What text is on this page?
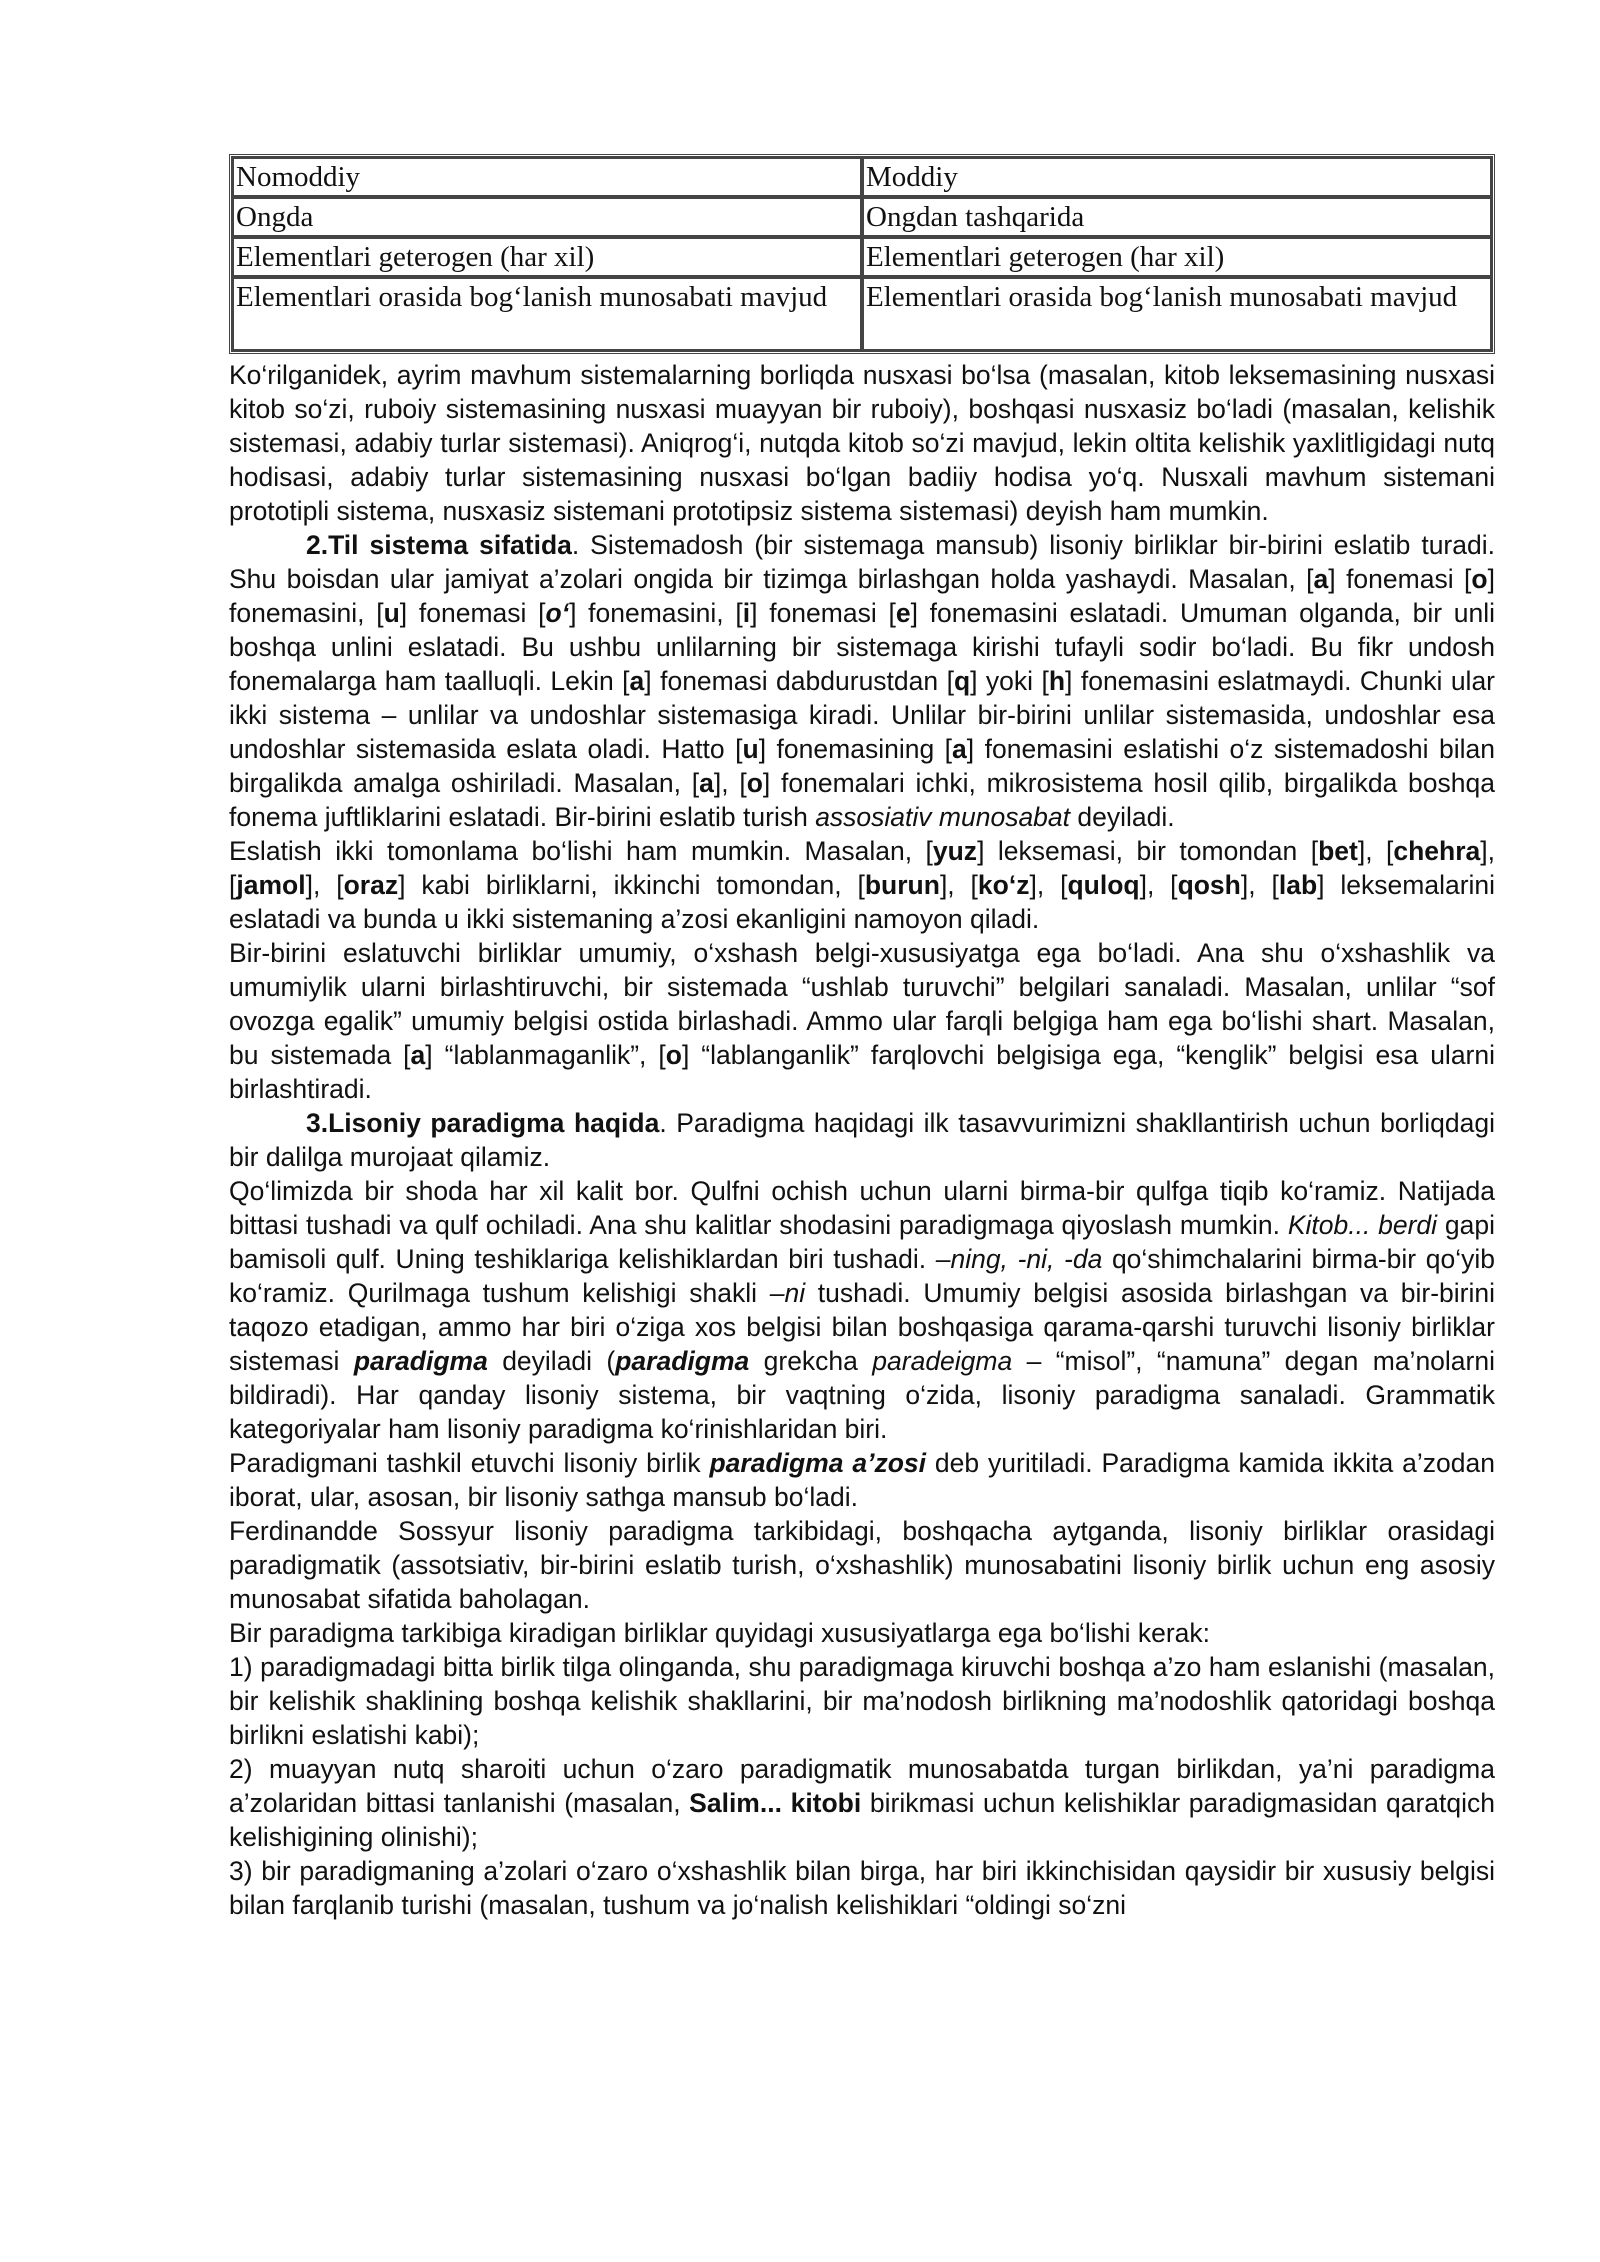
Nomoddiy	Moddiy
Ongda	Ongdan tashqarida
Elementlari geterogen (har xil)	Elementlari geterogen (har xil)
Elementlari orasida bog‘lanish munosabati mavjud	Elementlari orasida bog‘lanish munosabati mavjud

Ko‘rilganidek, ayrim mavhum sistemalarning borliqda nusxasi bo‘lsa (masalan, kitob leksemasining nusxasi kitob so‘zi, ruboiy sistemasining nusxasi muayyan bir ruboiy), boshqasi nusxasiz bo‘ladi (masalan, kelishik sistemasi, adabiy turlar sistemasi). Aniqrog‘i, nutqda kitob so‘zi mavjud, lekin oltita kelishik yaxlitligidagi nutq hodisasi, adabiy turlar sistemasining nusxasi bo‘lgan badiiy hodisa yo‘q. Nusxali mavhum sistemani prototipli sistema, nusxasiz sistemani prototipsiz sistema sistemasi) deyish ham mumkin.

2.Til sistema sifatida. Sistemadosh (bir sistemaga mansub) lisoniy birliklar bir-birini eslatib turadi. Shu boisdan ular jamiyat a’zolari ongida bir tizimga birlashgan holda yashaydi. Masalan, [a] fonemasi [o] fonemasini, [u] fonemasi [o‘] fonemasini, [i] fonemasi [e] fonemasini eslatadi. Umuman olganda, bir unli boshqa unlini eslatadi. Bu ushbu unlilarning bir sistemaga kirishi tufayli sodir bo‘ladi. Bu fikr undosh fonemalarga ham taalluqli. Lekin [a] fonemasi dabdurustdan [q] yoki [h] fonemasini eslatmaydi. Chunki ular ikki sistema – unlilar va undoshlar sistemasiga kiradi. Unlilar bir-birini unlilar sistemasida, undoshlar esa undoshlar sistemasida eslata oladi. Hatto [u] fonemasining [a] fonemasini eslatishi o‘z sistemadoshi bilan birgalikda amalga oshiriladi. Masalan, [a], [o] fonemalari ichki, mikrosistema hosil qilib, birgalikda boshqa fonema juftliklarini eslatadi. Bir-birini eslatib turish assosiativ munosabat deyiladi.

Eslatish ikki tomonlama bo‘lishi ham mumkin. Masalan, [yuz] leksemasi, bir tomondan [bet], [chehra], [jamol], [oraz] kabi birliklarni, ikkinchi tomondan, [burun], [ko‘z], [quloq], [qosh], [lab] leksemalarini eslatadi va bunda u ikki sistemaning a’zosi ekanligini namoyon qiladi.

Bir-birini eslatuvchi birliklar umumiy, o‘xshash belgi-xususiyatga ega bo‘ladi. Ana shu o‘xshashlik va umumiylik ularni birlashtiruvchi, bir sistemada “ushlab turuvchi” belgilari sanaladi. Masalan, unlilar “sof ovozga egalik” umumiy belgisi ostida birlashadi. Ammo ular farqli belgiga ham ega bo‘lishi shart. Masalan, bu sistemada [a] “lablanmaganlik”, [o] “lablanganlik” farqlovchi belgisiga ega, “kenglik” belgisi esa ularni birlashtiradi.

3.Lisoniy paradigma haqida. Paradigma haqidagi ilk tasavvurimizni shakllantirish uchun borliqdagi bir dalilga murojaat qilamiz.

Qo‘limizda bir shoda har xil kalit bor. Qulfni ochish uchun ularni birma-bir qulfga tiqib ko‘ramiz. Natijada bittasi tushadi va qulf ochiladi. Ana shu kalitlar shodasini paradigmaga qiyoslash mumkin. Kitob... berdi gapi bamisoli qulf. Uning teshiklariga kelishiklardan biri tushadi. –ning, -ni, -da qo‘shimchalarini birma-bir qo‘yib ko‘ramiz. Qurilmaga tushum kelishigi shakli –ni tushadi. Umumiy belgisi asosida birlashgan va bir-birini taqozo etadigan, ammo har biri o‘ziga xos belgisi bilan boshqasiga qarama-qarshi turuvchi lisoniy birliklar sistemasi paradigma deyiladi (paradigma grekcha paradeigma – “misol”, “namuna” degan ma’nolarni bildiradi). Har qanday lisoniy sistema, bir vaqtning o‘zida, lisoniy paradigma sanaladi. Grammatik kategoriyalar ham lisoniy paradigma ko‘rinishlaridan biri.

Paradigmani tashkil etuvchi lisoniy birlik paradigma a’zosi deb yuritiladi. Paradigma kamida ikkita a’zodan iborat, ular, asosan, bir lisoniy sathga mansub bo‘ladi.

Ferdinandde Sossyur lisoniy paradigma tarkibidagi, boshqacha aytganda, lisoniy birliklar orasidagi paradigmatik (assotsiativ, bir-birini eslatib turish, o‘xshashlik) munosabatini lisoniy birlik uchun eng asosiy munosabat sifatida baholagan.

Bir paradigma tarkibiga kiradigan birliklar quyidagi xususiyatlarga ega bo‘lishi kerak:

1) paradigmadagi bitta birlik tilga olinganda, shu paradigmaga kiruvchi boshqa a’zo ham eslanishi (masalan, bir kelishik shaklining boshqa kelishik shakllarini, bir ma’nodosh birlikning ma’nodoshlik qatoridagi boshqa birlikni eslatishi kabi);

2) muayyan nutq sharoiti uchun o‘zaro paradigmatik munosabatda turgan birlikdan, ya’ni paradigma a’zolaridan bittasi tanlanishi (masalan, Salim... kitobi birikmasi uchun kelishiklar paradigmasidan qaratqich kelishigining olinishi);

3) bir paradigmaning a’zolari o‘zaro o‘xshashlik bilan birga, har biri ikkinchisidan qaysidir bir xususiy belgisi bilan farqlanib turishi (masalan, tushum va jo‘nalish kelishiklari “oldingi so‘zni
